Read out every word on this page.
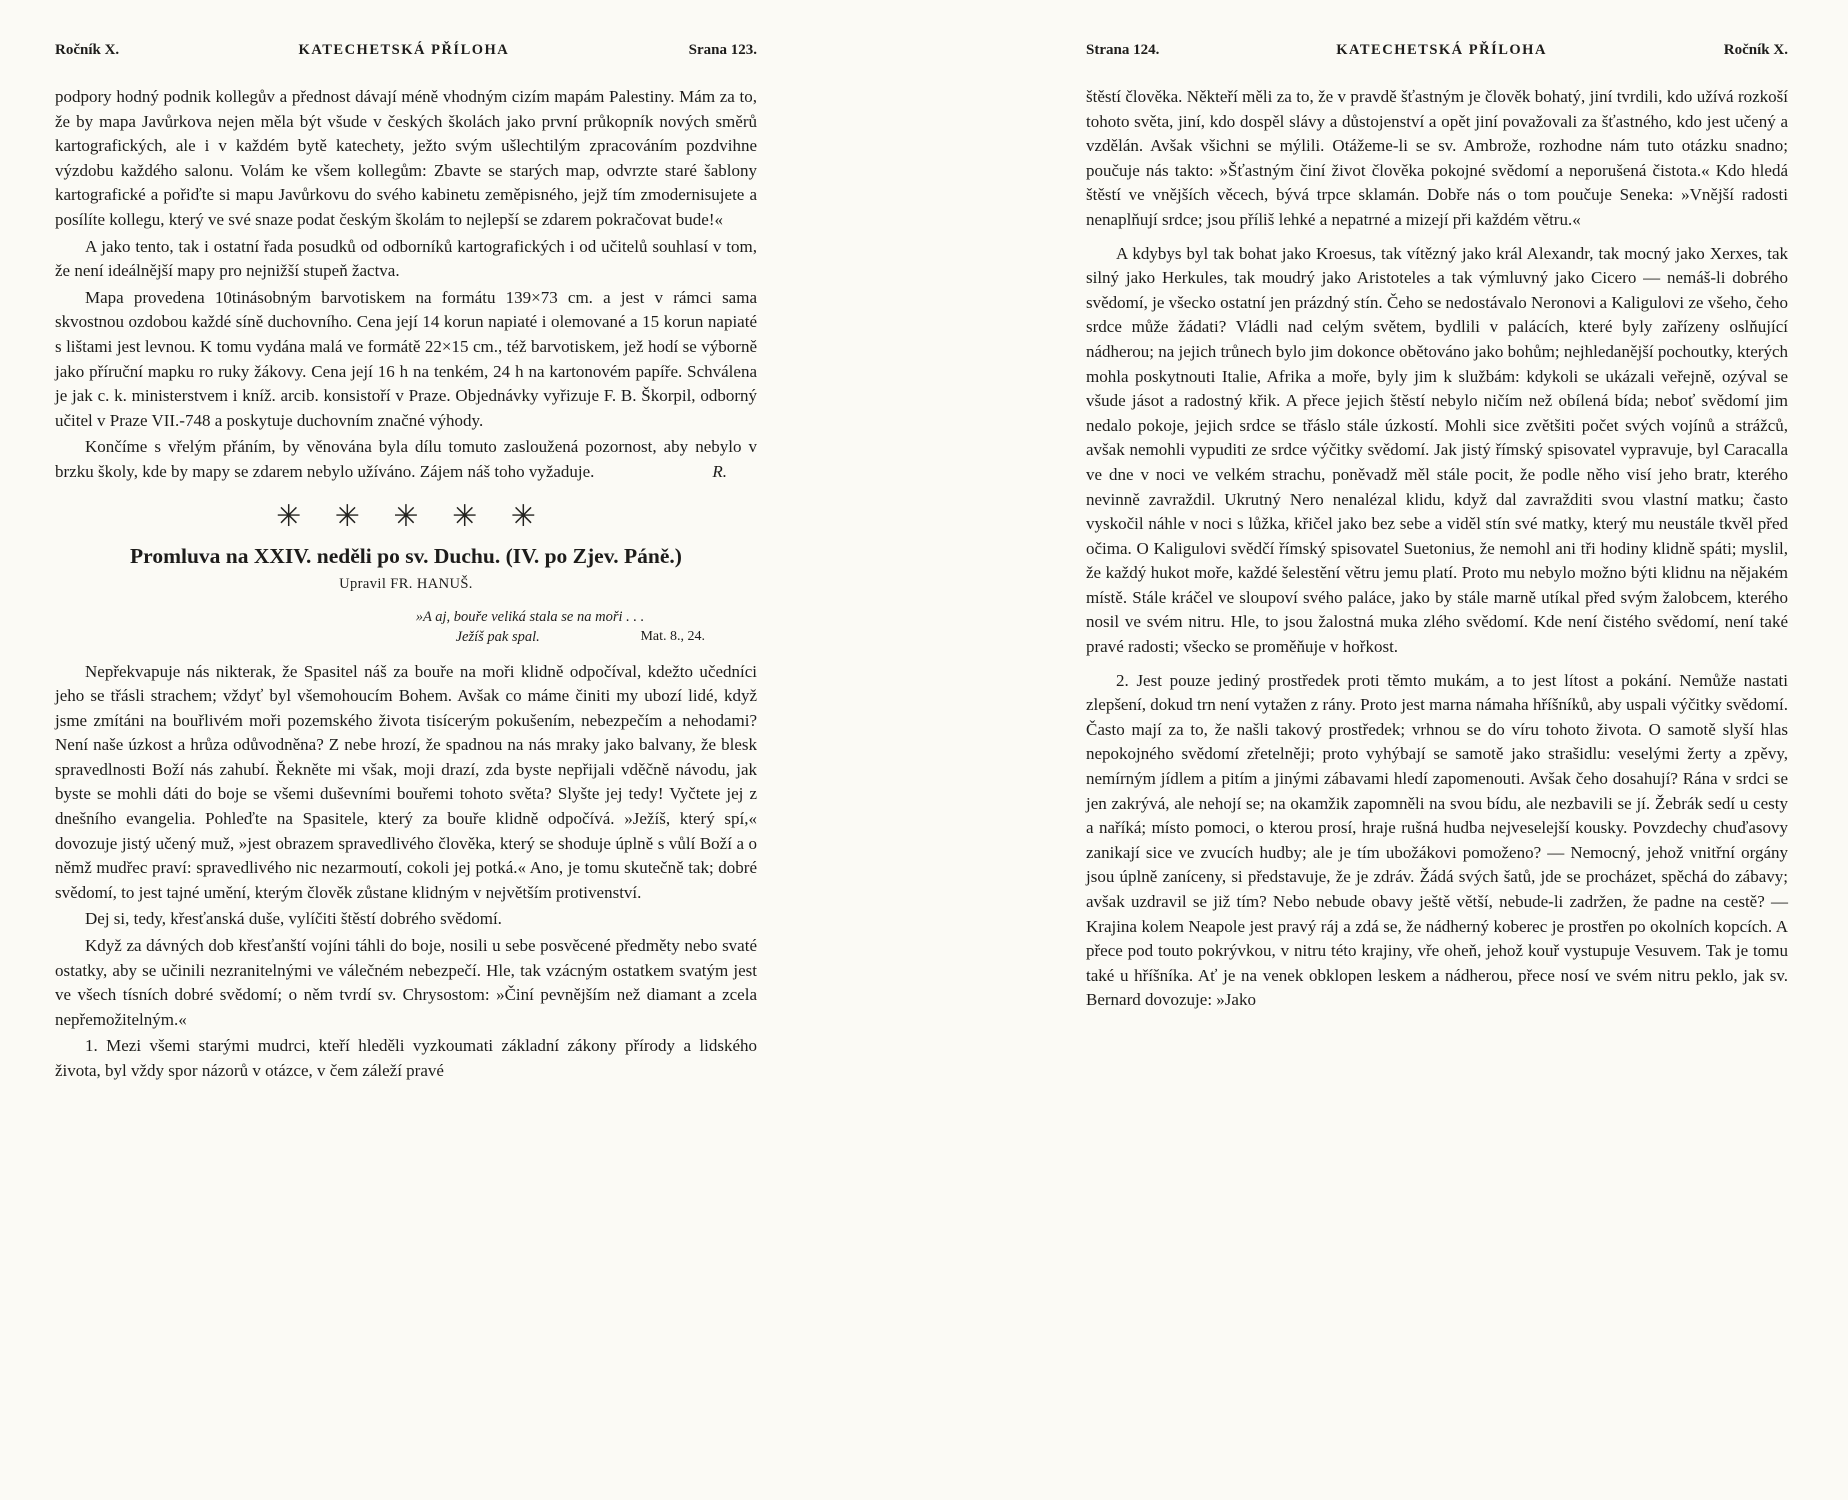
Ročník X.	KATECHETSKÁ PŘÍLOHA	Srana 123.

podpory hodný podnik kollegův a přednost dávají méně vhodným cizím mapám Palestiny. Mám za to, že by mapa Javůrkova nejen měla být všude v českých školách jako první průkopník nových směrů kartografických, ale i v každém bytě katechety, ježto svým ušlechtilým zpracováním pozdvihne výzdobu každého salonu. Volám ke všem kollegům: Zbavte se starých map, odvrzte staré šablony kartografické a pořiďte si mapu Javůrkovu do svého kabinetu zeměpisného, jejž tím zmodernisujete a posílíte kollegu, který ve své snaze podat českým školám to nejlepší se zdarem pokračovat bude!«

A jako tento, tak i ostatní řada posudků od odborníků kartografických i od učitelů souhlasí v tom, že není ideálnější mapy pro nejnižší stupeň žactva.

Mapa provedena 10tinásobným barvotiskem na formátu 139×73 cm. a jest v rámci sama skvostnou ozdobou každé síně duchovního. Cena její 14 korun napiaté i olemované a 15 korun napiaté s lištami jest levnou. K tomu vydána malá ve formátě 22×15 cm., též barvotiskem, jež hodí se výborně jako příruční mapku ro ruky žákovy. Cena její 16 h na tenkém, 24 h na kartonovém papíře. Schválena je jak c. k. ministerstvem i kníž. arcib. konsistoří v Praze. Objednávky vyřizuje F. B. Škorpil, odborný učitel v Praze VII.-748 a poskytuje duchovním značné výhody.

Končíme s vřelým přáním, by věnována byla dílu tomuto zasloužená pozornost, aby nebylo v brzku školy, kde by mapy se zdarem nebylo užíváno. Zájem náš toho vyžaduje.	R.

✳ ✳ ✳ ✳ ✳
Promluva na XXIV. neděli po sv. Duchu. (IV. po Zjev. Páně.)
Upravil FR. HANUŠ.
»A aj, bouře veliká stala se na moři . . .
Ježíš pak spal.	Mat. 8., 24.

Nepřekvapuje nás nikterak, že Spasitel náš za bouře na moři klidně odpočíval, kdežto učedníci jeho se třásli strachem; vždyť byl všemohoucím Bohem. Avšak co máme činiti my ubozí lidé, když jsme zmítáni na bouřlivém moři pozemského života tisícerým pokušením, nebezpečím a nehodami? Není naše úzkost a hrůza odůvodněna? Z nebe hrozí, že spadnou na nás mraky jako balvany, že blesk spravedlnosti Boží nás zahubí. Řekněte mi však, moji drazí, zda byste nepřijali vděčně návodu, jak byste se mohli dáti do boje se všemi duševními bouřemi tohoto světa? Slyšte jej tedy! Vyčtete jej z dnešního evangelia. Pohleďte na Spasitele, který za bouře klidně odpočívá. »Ježíš, který spí,« dovozuje jistý učený muž, »jest obrazem spravedlivého člověka, který se shoduje úplně s vůlí Boží a o němž mudřec praví: spravedlivého nic nezarmoutí, cokoli jej potká.« Ano, je tomu skutečně tak; dobré svědomí, to jest tajné umění, kterým člověk zůstane klidným v největším protivenství.

Dej si, tedy, křesťanská duše, vylíčiti štěstí dobrého svědomí.

Když za dávných dob křesťanští vojíni táhli do boje, nosili u sebe posvěcené předměty nebo svaté ostatky, aby se učinili nezranitelnými ve válečném nebezpečí. Hle, tak vzácným ostatkem svatým jest ve všech tísních dobré svědomí; o něm tvrdí sv. Chrysostom: »Činí pevnějším než diamant a zcela nepřemožitelným.«

1. Mezi všemi starými mudrci, kteří hleděli vyzkoumati základní zákony přírody a lidského života, byl vždy spor názorů v otázce, v čem záleží pravé

Strana 124.	KATECHETSKÁ PŘÍLOHA	Ročník X.

štěstí člověka. Někteří měli za to, že v pravdě šťastným je člověk bohatý, jiní tvrdili, kdo užívá rozkoší tohoto světa, jiní, kdo dospěl slávy a důstojenství a opět jiní považovali za šťastného, kdo jest učený a vzdělán. Avšak všichni se mýlili. Otážeme-li se sv. Ambrože, rozhodne nám tuto otázku snadno; poučuje nás takto: »Šťastným činí život člověka pokojné svědomí a neporušená čistota.« Kdo hledá štěstí ve vnějších věcech, bývá trpce sklamán. Dobře nás o tom poučuje Seneka: »Vnější radosti nenaplňují srdce; jsou příliš lehké a nepatrné a mizejí při každém větru.«

A kdybys byl tak bohat jako Kroesus, tak vítězný jako král Alexandr, tak mocný jako Xerxes, tak silný jako Herkules, tak moudrý jako Aristoteles a tak výmluvný jako Cicero — nemáš-li dobrého svědomí, je všecko ostatní jen prázdný stín. Čeho se nedostávalo Neronovi a Kaligulovi ze všeho, čeho srdce může žádati? Vládli nad celým světem, bydlili v palácích, které byly zařízeny oslňující nádherou; na jejich trůnech bylo jim dokonce obětováno jako bohům; nejhledanější pochoutky, kterých mohla poskytnouti Italie, Afrika a moře, byly jim k službám: kdykoli se ukázali veřejně, ozýval se všude jásot a radostný křik. A přece jejich štěstí nebylo ničím než obílená bída; neboť svědomí jim nedalo pokoje, jejich srdce se třáslo stále úzkostí. Mohli sice zvětšiti počet svých vojínů a strážců, avšak nemohli vypuditi ze srdce výčitky svědomí. Jak jistý římský spisovatel vypravuje, byl Caracalla ve dne v noci ve velkém strachu, poněvadž měl stále pocit, že podle něho visí jeho bratr, kterého nevinně zavraždil. Ukrutný Nero nenalézal klidu, když dal zavražditi svou vlastní matku; často vyskočil náhle v noci s lůžka, křičel jako bez sebe a viděl stín své matky, který mu neustále tkvěl před očima. O Kaligulovi svědčí římský spisovatel Suetonius, že nemohl ani tři hodiny klidně spáti; myslil, že každý hukot moře, každé šelestění větru jemu platí. Proto mu nebylo možno býti klidnu na nějakém místě. Stále kráčel ve sloupoví svého paláce, jako by stále marně utíkal před svým žalobcem, kterého nosil ve svém nitru. Hle, to jsou žalostná muka zlého svědomí. Kde není čistého svědomí, není také pravé radosti; všecko se proměňuje v hořkost.

2. Jest pouze jediný prostředek proti těmto mukám, a to jest lítost a pokání. Nemůže nastati zlepšení, dokud trn není vytažen z rány. Proto jest marna námaha hříšníků, aby uspali výčitky svědomí. Často mají za to, že našli takový prostředek; vrhnou se do víru tohoto života. O samotě slyší hlas nepokojného svědomí zřetelněji; proto vyhýbají se samotě jako strašidlu: veselými žerty a zpěvy, nemírným jídlem a pitím a jinými zábavami hledí zapomenouti. Avšak čeho dosahují? Rána v srdci se jen zakrývá, ale nehojí se; na okamžik zapomněli na svou bídu, ale nezbavili se jí. Žebrák sedí u cesty a naříká; místo pomoci, o kterou prosí, hraje rušná hudba nejveselejší kousky. Povzdechy chuďasovy zanikají sice ve zvucích hudby; ale je tím ubožákovi pomoženo? — Nemocný, jehož vnitřní orgány jsou úplně zaníceny, si představuje, že je zdráv. Žádá svých šatů, jde se procházet, spěchá do zábavy; avšak uzdravil se již tím? Nebo nebude obavy ještě větší, nebude-li zadržen, že padne na cestě? — Krajina kolem Neapole jest pravý ráj a zdá se, že nádherný koberec je prostřen po okolních kopcích. A přece pod touto pokrývkou, v nitru této krajiny, vře oheň, jehož kouř vystupuje Vesuvem. Tak je tomu také u hříšníka. Ať je na venek obklopen leskem a nádherou, přece nosí ve svém nitru peklo, jak sv. Bernard dovozuje: »Jako
